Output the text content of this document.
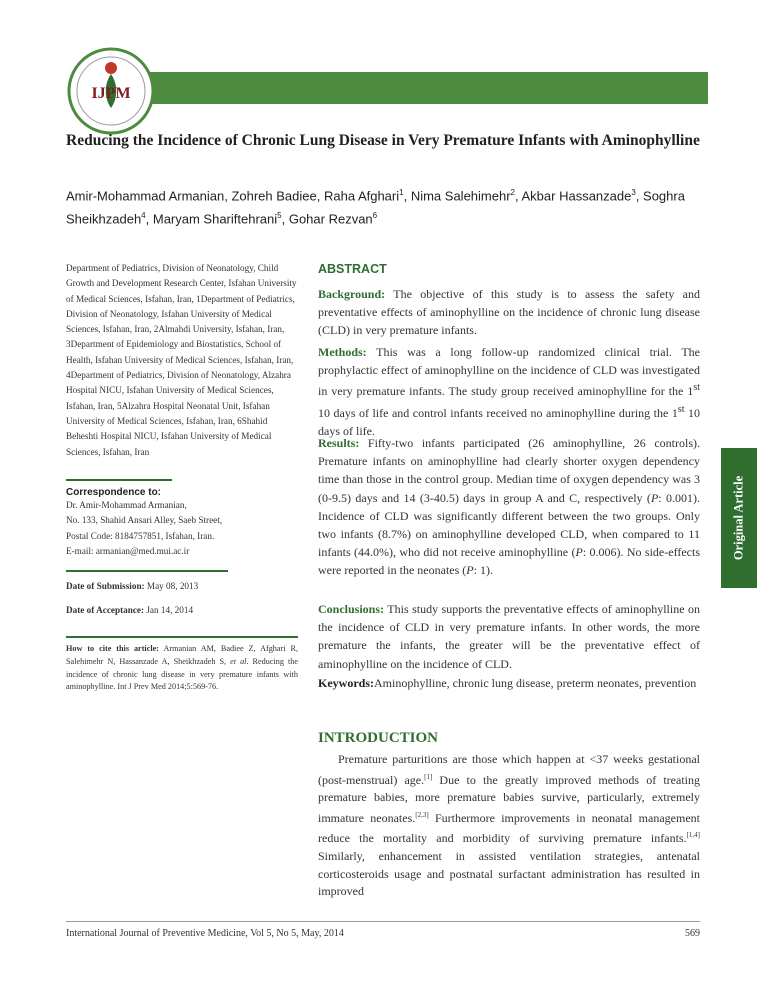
www.ijpm.ir
IJPM
Reducing the Incidence of Chronic Lung Disease in Very Premature Infants with Aminophylline
Amir-Mohammad Armanian, Zohreh Badiee, Raha Afghari$^1$, Nima Salehimehr$^2$, Akbar Hassanzade$^3$, Soghra Sheikhzadeh$^4$, Maryam Shariftehrani$^5$, Gohar Rezvan$^6$
Department of Pediatrics, Division of Neonatology, Child Growth and Development Research Center, Isfahan University of Medical Sciences, Isfahan, Iran, 1Department of Pediatrics, Division of Neonatology, Isfahan University of Medical Sciences, Isfahan, Iran, 2Almahdi University, Isfahan, Iran, 3Department of Epidemiology and Biostatistics, School of Health, Isfahan University of Medical Sciences, Isfahan, Iran, 4Department of Pediatrics, Division of Neonatology, Alzahra Hospital NICU, Isfahan University of Medical Sciences, Isfahan, Iran, 5Alzahra Hospital Neonatal Unit, Isfahan University of Medical Sciences, Isfahan, Iran, 6Shahid Beheshti Hospital NICU, Isfahan University of Medical Sciences, Isfahan, Iran
Correspondence to:
Dr. Amir-Mohammad Armanian,
No. 133, Shahid Ansari Alley, Saeb Street,
Postal Code: 8184757851, Isfahan, Iran.
E-mail: armanian@med.mui.ac.ir
Date of Submission: May 08, 2013
Date of Acceptance: Jan 14, 2014
How to cite this article: Armanian AM, Badiee Z, Afghari R, Salehimehr N, Hassanzade A, Sheikhzadeh S, et al. Reducing the incidence of chronic lung disease in very premature infants with aminophylline. Int J Prev Med 2014;5:569-76.
ABSTRACT
Background: The objective of this study is to assess the safety and preventative effects of aminophylline on the incidence of chronic lung disease (CLD) in very premature infants.
Methods: This was a long follow-up randomized clinical trial. The prophylactic effect of aminophylline on the incidence of CLD was investigated in very premature infants. The study group received aminophylline for the 1st 10 days of life and control infants received no aminophylline during the 1st 10 days of life.
Results: Fifty-two infants participated (26 aminophylline, 26 controls). Premature infants on aminophylline had clearly shorter oxygen dependency time than those in the control group. Median time of oxygen dependency was 3 (0-9.5) days and 14 (3-40.5) days in group A and C, respectively (P: 0.001). Incidence of CLD was significantly different between the two groups. Only two infants (8.7%) on aminophylline developed CLD, when compared to 11 infants (44.0%), who did not receive aminophylline (P: 0.006). No side-effects were reported in the neonates (P: 1).
Conclusions: This study supports the preventative effects of aminophylline on the incidence of CLD in very premature infants. In other words, the more premature the infants, the greater will be the preventative effect of aminophylline on the incidence of CLD.
Keywords:Aminophylline, chronic lung disease, preterm neonates, prevention
INTRODUCTION
Premature parturitions are those which happen at <37 weeks gestational (post-menstrual) age.[1] Due to the greatly improved methods of treating premature babies, more premature babies survive, particularly, extremely immature neonates.[2,3] Furthermore improvements in neonatal management reduce the mortality and morbidity of surviving premature infants.[1,4] Similarly, enhancement in assisted ventilation strategies, antenatal corticosteroids usage and postnatal surfactant administration has resulted in improved
Original Article
International Journal of Preventive Medicine, Vol 5, No 5, May, 2014	569
